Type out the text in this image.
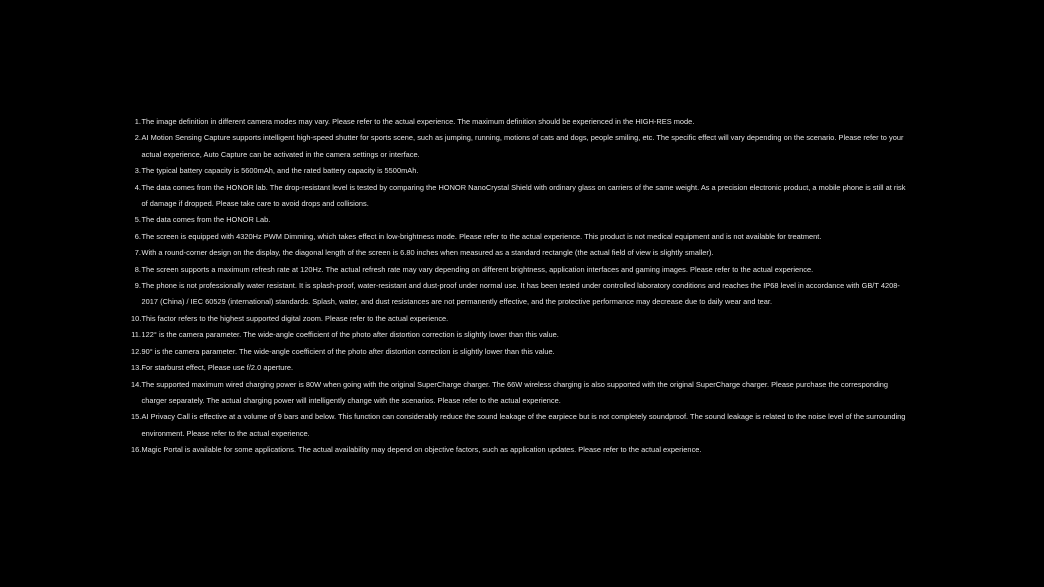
1. The image definition in different camera modes may vary. Please refer to the actual experience. The maximum definition should be experienced in the HIGH-RES mode.
2. AI Motion Sensing Capture supports intelligent high-speed shutter for sports scene, such as jumping, running, motions of cats and dogs, people smiling, etc. The specific effect will vary depending on the scenario. Please refer to your actual experience, Auto Capture can be activated in the camera settings or interface.
3. The typical battery capacity is 5600mAh, and the rated battery capacity is 5500mAh.
4. The data comes from the HONOR lab. The drop-resistant level is tested by comparing the HONOR NanoCrystal Shield with ordinary glass on carriers of the same weight. As a precision electronic product, a mobile phone is still at risk of damage if dropped. Please take care to avoid drops and collisions.
5. The data comes from the HONOR Lab.
6. The screen is equipped with 4320Hz PWM Dimming, which takes effect in low-brightness mode. Please refer to the actual experience. This product is not medical equipment and is not available for treatment.
7. With a round-corner design on the display, the diagonal length of the screen is 6.80 inches when measured as a standard rectangle (the actual field of view is slightly smaller).
8. The screen supports a maximum refresh rate at 120Hz. The actual refresh rate may vary depending on different brightness, application interfaces and gaming images. Please refer to the actual experience.
9. The phone is not professionally water resistant. It is splash-proof, water-resistant and dust-proof under normal use. It has been tested under controlled laboratory conditions and reaches the IP68 level in accordance with GB/T 4208-2017 (China) / IEC 60529 (international) standards. Splash, water, and dust resistances are not permanently effective, and the protective performance may decrease due to daily wear and tear.
10. This factor refers to the highest supported digital zoom. Please refer to the actual experience.
11. 122° is the camera parameter. The wide-angle coefficient of the photo after distortion correction is slightly lower than this value.
12. 90° is the camera parameter. The wide-angle coefficient of the photo after distortion correction is slightly lower than this value.
13. For starburst effect, Please use f/2.0 aperture.
14. The supported maximum wired charging power is 80W when going with the original SuperCharge charger. The 66W wireless charging is also supported with the original SuperCharge charger. Please purchase the corresponding charger separately. The actual charging power will intelligently change with the scenarios. Please refer to the actual experience.
15. AI Privacy Call is effective at a volume of 9 bars and below. This function can considerably reduce the sound leakage of the earpiece but is not completely soundproof. The sound leakage is related to the noise level of the surrounding environment. Please refer to the actual experience.
16. Magic Portal is available for some applications. The actual availability may depend on objective factors, such as application updates. Please refer to the actual experience.
